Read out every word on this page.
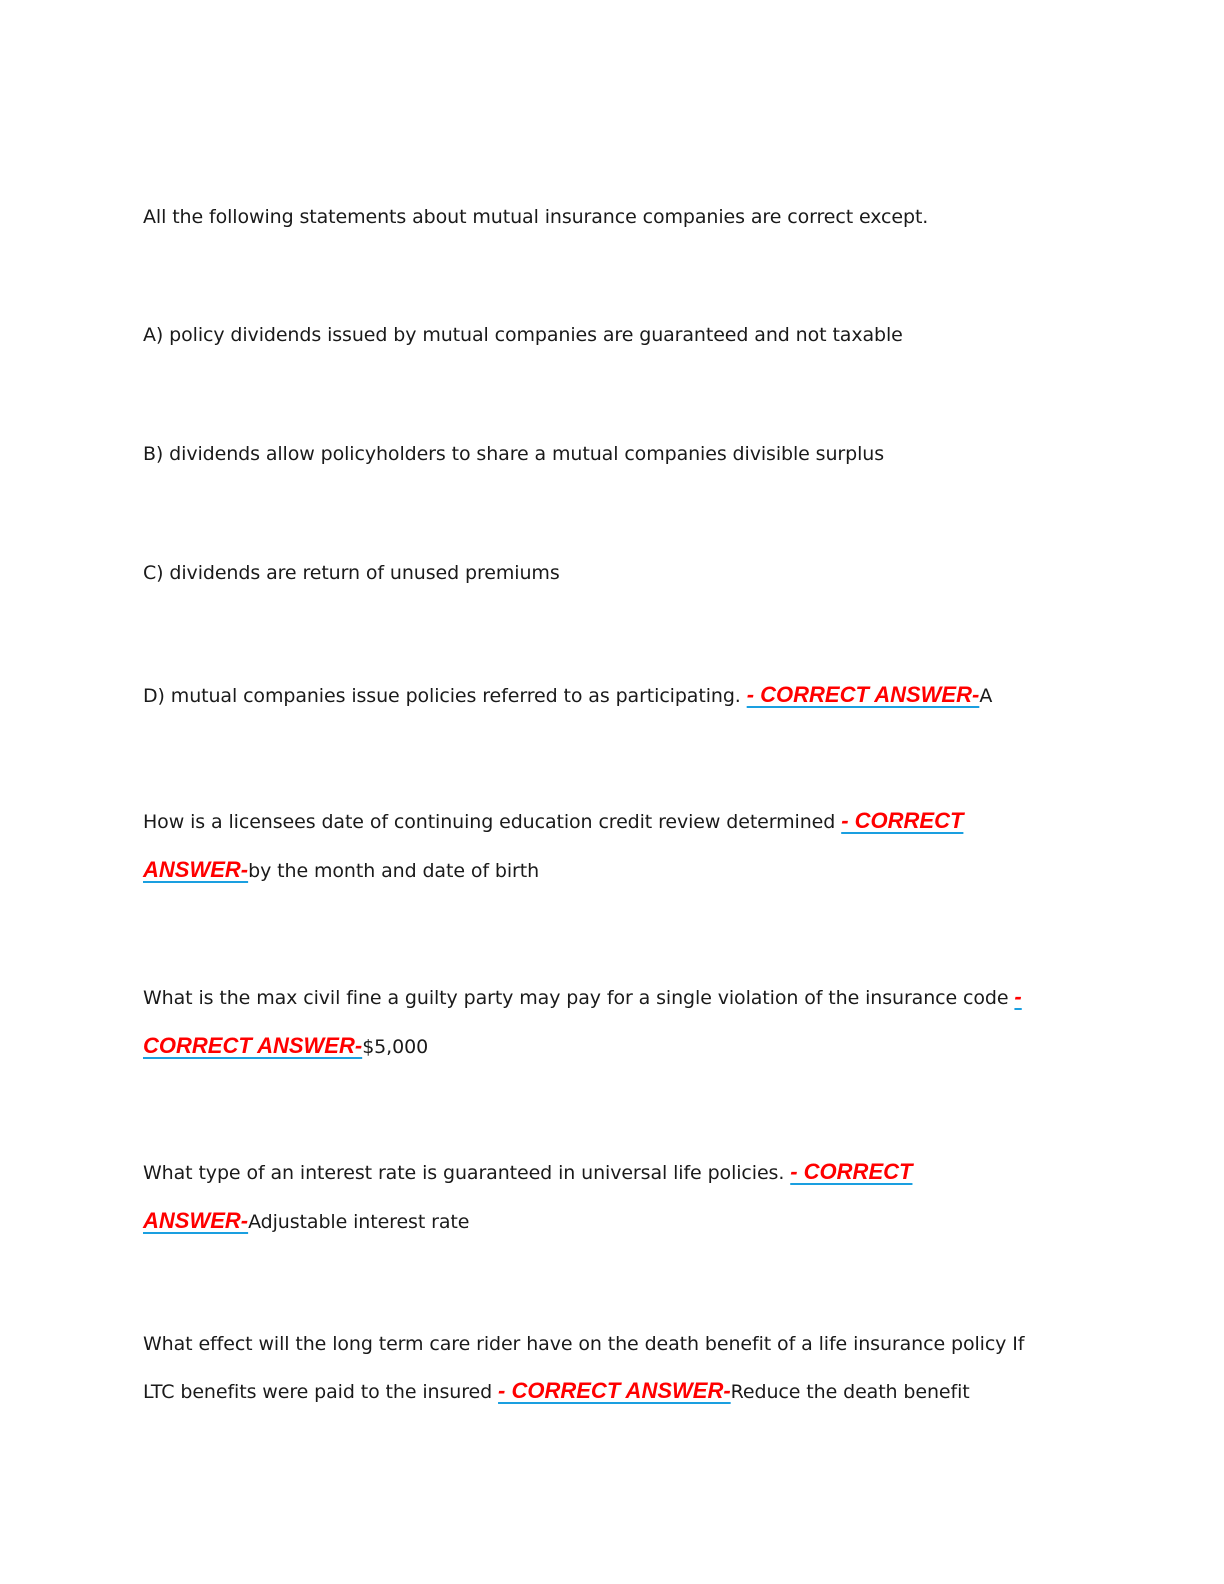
All the following statements about mutual insurance companies are correct except.
A) policy dividends issued by mutual companies are guaranteed and not taxable
B) dividends allow policyholders to share a mutual companies divisible surplus
C) dividends are return of unused premiums
D) mutual companies issue policies referred to as participating. - CORRECT ANSWER-A
How is a licensees date of continuing education credit review determined - CORRECT
ANSWER-by the month and date of birth
What is the max civil fine a guilty party may pay for a single violation of the insurance code -
CORRECT ANSWER-$5,000
What type of an interest rate is guaranteed in universal life policies. - CORRECT
ANSWER-Adjustable interest rate
What effect will the long term care rider have on the death benefit of a life insurance policy If
LTC benefits were paid to the insured - CORRECT ANSWER-Reduce the death benefit
